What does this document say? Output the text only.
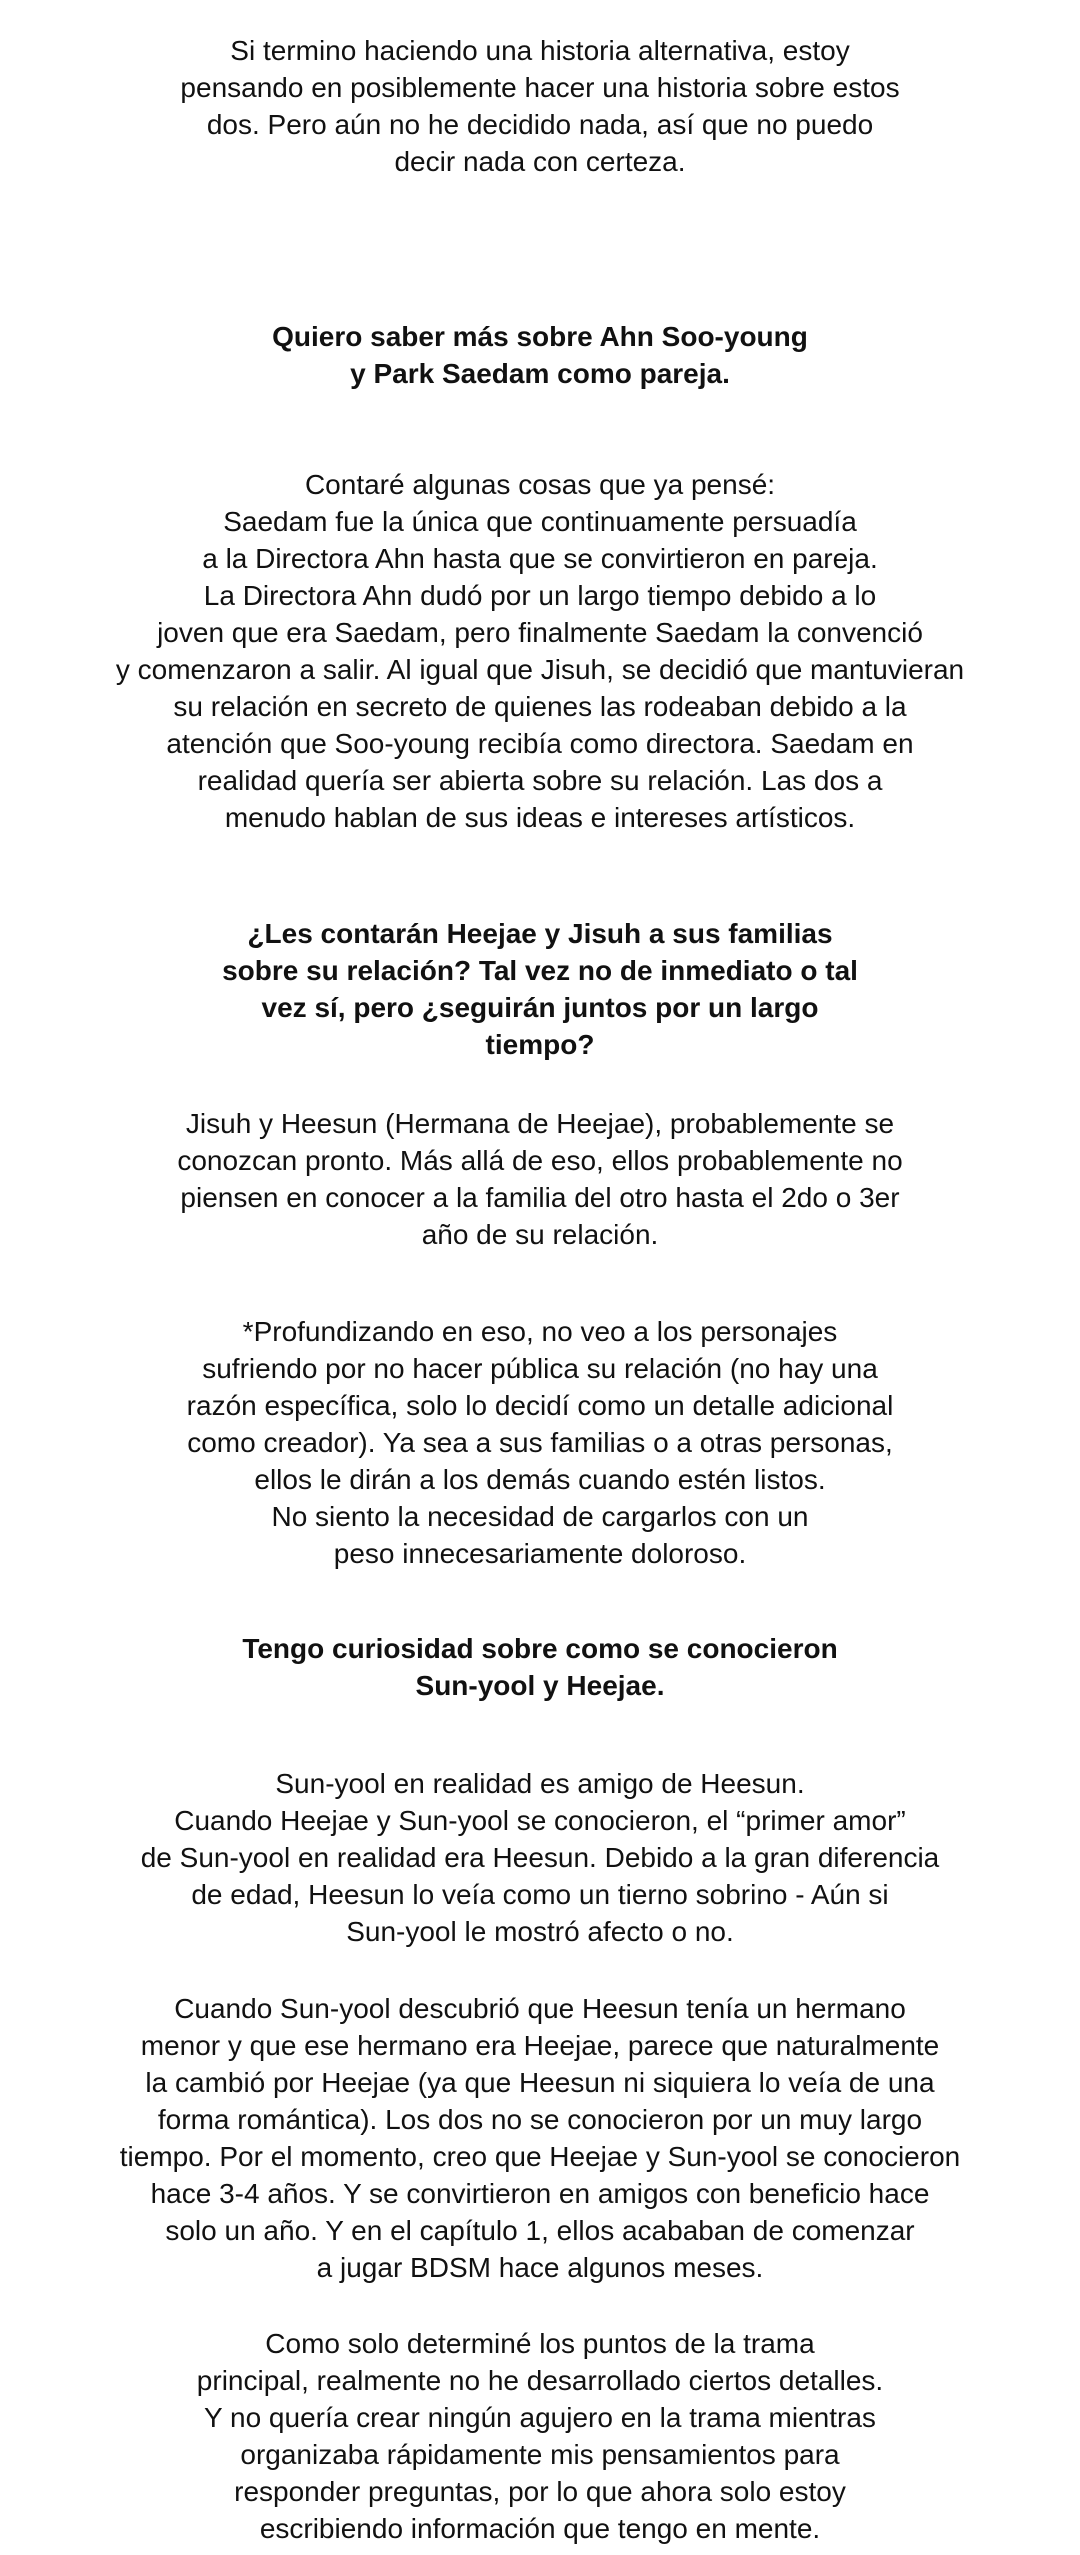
Si termino haciendo una historia alternativa, estoy
pensando en posiblemente hacer una historia sobre estos
dos. Pero aún no he decidido nada, así que no puedo
decir nada con certeza.
Quiero saber más sobre Ahn Soo-young
y Park Saedam como pareja.
Contaré algunas cosas que ya pensé:
Saedam fue la única que continuamente persuadía
a la Directora Ahn hasta que se convirtieron en pareja.
La Directora Ahn dudó por un largo tiempo debido a lo
joven que era Saedam, pero finalmente Saedam la convenció
y comenzaron a salir. Al igual que Jisuh, se decidió que mantuvieran
su relación en secreto de quienes las rodeaban debido a la
atención que Soo-young recibía como directora. Saedam en
realidad quería ser abierta sobre su relación. Las dos a
menudo hablan de sus ideas e intereses artísticos.
¿Les contarán Heejae y Jisuh a sus familias
sobre su relación? Tal vez no de inmediato o tal
vez sí, pero ¿seguirán juntos por un largo
tiempo?
Jisuh y Heesun (Hermana de Heejae), probablemente se
conozcan pronto. Más allá de eso, ellos probablemente no
piensen en conocer a la familia del otro hasta el 2do o 3er
año de su relación.
*Profundizando en eso, no veo a los personajes
sufriendo por no hacer pública su relación (no hay una
razón específica, solo lo decidí como un detalle adicional
como creador). Ya sea a sus familias o a otras personas,
ellos le dirán a los demás cuando estén listos.
No siento la necesidad de cargarlos con un
peso innecesariamente doloroso.
Tengo curiosidad sobre como se conocieron
Sun-yool y Heejae.
Sun-yool en realidad es amigo de Heesun.
Cuando Heejae y Sun-yool se conocieron, el “primer amor”
de Sun-yool en realidad era Heesun. Debido a la gran diferencia
de edad, Heesun lo veía como un tierno sobrino - Aún si
Sun-yool le mostró afecto o no.
Cuando Sun-yool descubrió que Heesun tenía un hermano
menor y que ese hermano era Heejae, parece que naturalmente
la cambió por Heejae (ya que Heesun ni siquiera lo veía de una
forma romántica). Los dos no se conocieron por un muy largo
tiempo. Por el momento, creo que Heejae y Sun-yool se conocieron
hace 3-4 años. Y se convirtieron en amigos con beneficio hace
solo un año. Y en el capítulo 1, ellos acababan de comenzar
a jugar BDSM hace algunos meses.
Como solo determiné los puntos de la trama
principal, realmente no he desarrollado ciertos detalles.
Y no quería crear ningún agujero en la trama mientras
organizaba rápidamente mis pensamientos para
responder preguntas, por lo que ahora solo estoy
escribiendo información que tengo en mente.
